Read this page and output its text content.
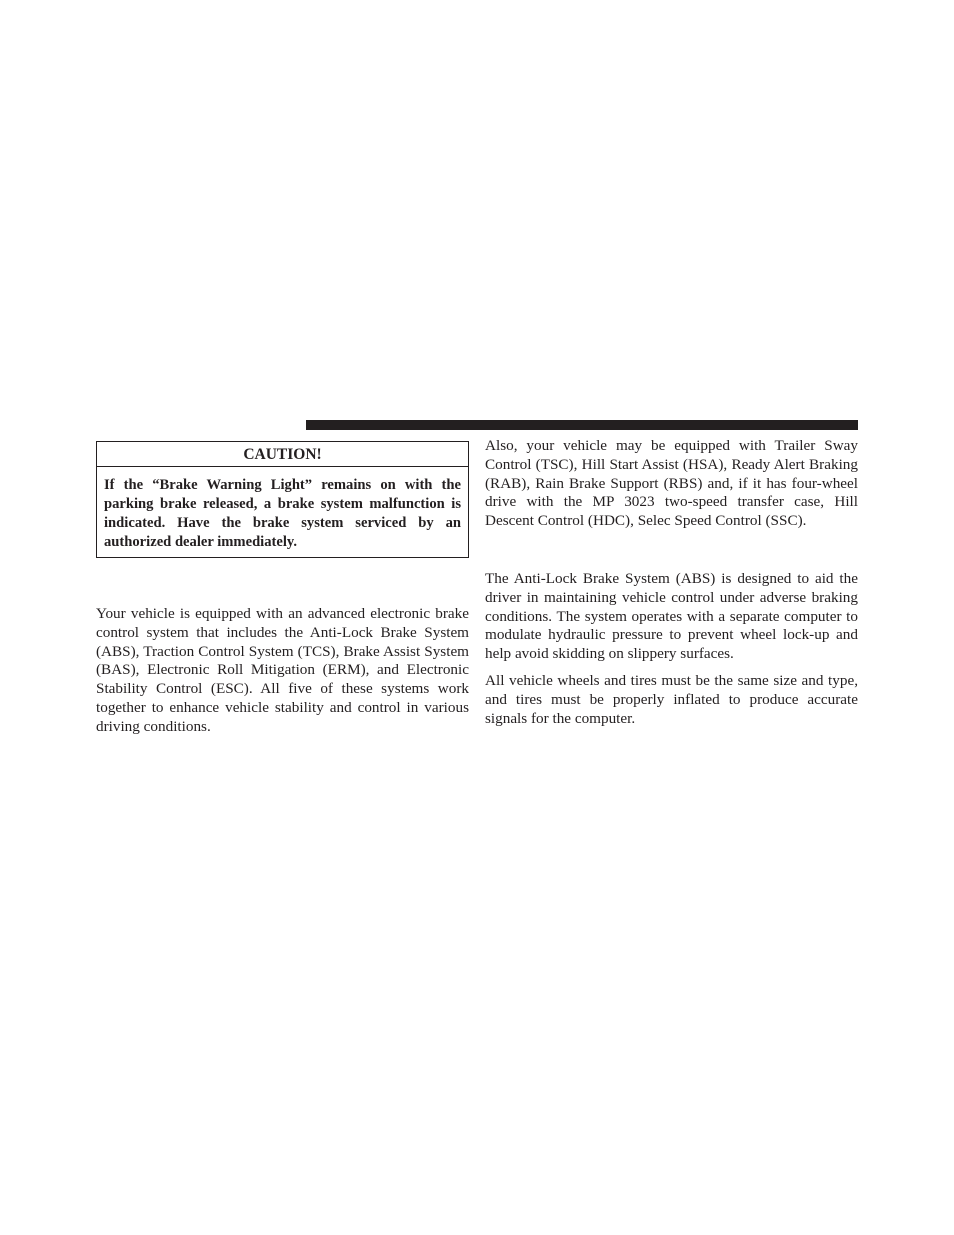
CAUTION!
If the “Brake Warning Light” remains on with the parking brake released, a brake system malfunction is indicated. Have the brake system serviced by an authorized dealer immediately.

Your vehicle is equipped with an advanced electronic brake control system that includes the Anti-Lock Brake System (ABS), Traction Control System (TCS), Brake Assist System (BAS), Electronic Roll Mitigation (ERM), and Electronic Stability Control (ESC). All five of these systems work together to enhance vehicle stability and control in various driving conditions.

Also, your vehicle may be equipped with Trailer Sway Control (TSC), Hill Start Assist (HSA), Ready Alert Braking (RAB), Rain Brake Support (RBS) and, if it has four-wheel drive with the MP 3023 two-speed transfer case, Hill Descent Control (HDC), Selec Speed Control (SSC).

The Anti-Lock Brake System (ABS) is designed to aid the driver in maintaining vehicle control under adverse braking conditions. The system operates with a separate computer to modulate hydraulic pressure to prevent wheel lock-up and help avoid skidding on slippery surfaces.

All vehicle wheels and tires must be the same size and type, and tires must be properly inflated to produce accurate signals for the computer.
